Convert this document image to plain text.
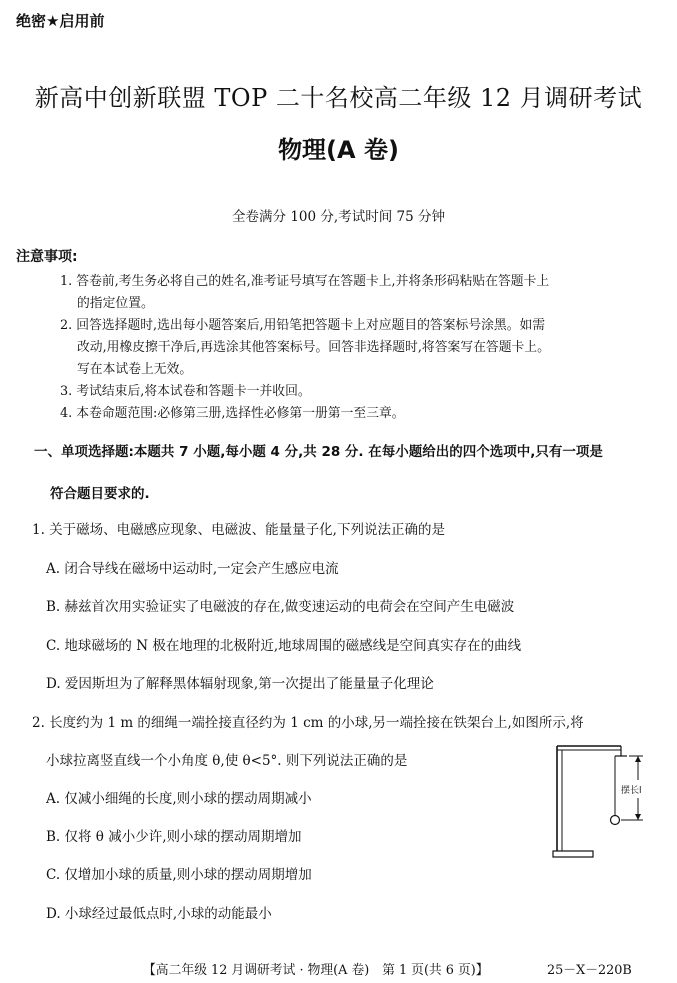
绝密★启用前
新高中创新联盟 TOP 二十名校高二年级 12 月调研考试
物理(A 卷)
全卷满分 100 分,考试时间 75 分钟
注意事项:
1. 答卷前,考生务必将自己的姓名,准考证号填写在答题卡上,并将条形码粘贴在答题卡上
的指定位置。
2. 回答选择题时,选出每小题答案后,用铅笔把答题卡上对应题目的答案标号涂黑。如需
改动,用橡皮擦干净后,再选涂其他答案标号。回答非选择题时,将答案写在答题卡上。
写在本试卷上无效。
3. 考试结束后,将本试卷和答题卡一并收回。
4. 本卷命题范围:必修第三册,选择性必修第一册第一至三章。
一、单项选择题:本题共 7 小题,每小题 4 分,共 28 分. 在每小题给出的四个选项中,只有一项是
符合题目要求的.
1. 关于磁场、电磁感应现象、电磁波、能量量子化,下列说法正确的是
A. 闭合导线在磁场中运动时,一定会产生感应电流
B. 赫兹首次用实验证实了电磁波的存在,做变速运动的电荷会在空间产生电磁波
C. 地球磁场的 N 极在地理的北极附近,地球周围的磁感线是空间真实存在的曲线
D. 爱因斯坦为了解释黑体辐射现象,第一次提出了能量量子化理论
2. 长度约为 1 m 的细绳一端拴接直径约为 1 cm 的小球,另一端拴接在铁架台上,如图所示,将
小球拉离竖直线一个小角度 θ,使 θ<5°. 则下列说法正确的是
A. 仅减小细绳的长度,则小球的摆动周期减小
B. 仅将 θ 减小少许,则小球的摆动周期增加
C. 仅增加小球的质量,则小球的摆动周期增加
D. 小球经过最低点时,小球的动能最小
摆长l
【高二年级 12 月调研考试 · 物理(A 卷)　第 1 页(共 6 页)】	25－X－220B
